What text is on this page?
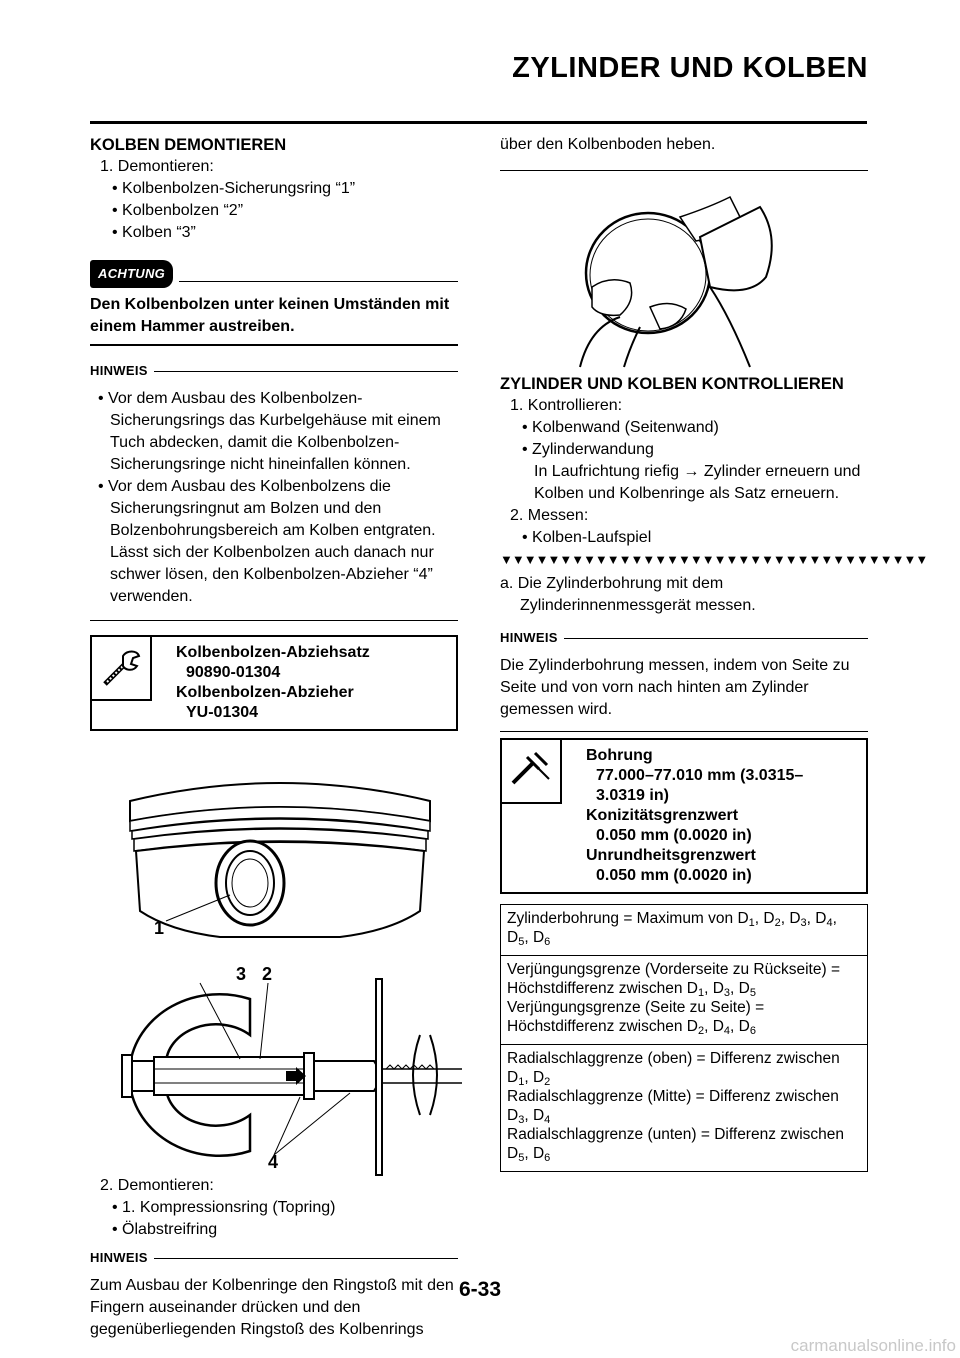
ZYLINDER UND KOLBEN
KOLBEN DEMONTIEREN
1. Demontieren:
• Kolbenbolzen-Sicherungsring “1”
• Kolbenbolzen “2”
• Kolben “3”
ACHTUNG
Den Kolbenbolzen unter keinen Umständen mit einem Hammer austreiben.
HINWEIS
• Vor dem Ausbau des Kolbenbolzen-Sicherungsrings das Kurbelgehäuse mit einem Tuch abdecken, damit die Kolbenbolzen-Sicherungsringe nicht hineinfallen können.
• Vor dem Ausbau des Kolbenbolzens die Sicherungsringnut am Bolzen und den Bolzenbohrungsbereich am Kolben entgraten. Lässt sich der Kolbenbolzen auch danach nur schwer lösen, den Kolbenbolzen-Abzieher “4” verwenden.
Kolbenbolzen-Abziehsatz
90890-01304
Kolbenbolzen-Abzieher
YU-01304
1
3 2
4
2. Demontieren:
• 1. Kompressionsring (Topring)
• Ölabstreifring
HINWEIS
Zum Ausbau der Kolbenringe den Ringstoß mit den Fingern auseinander drücken und den gegenüberliegenden Ringstoß des Kolbenrings
über den Kolbenboden heben.
ZYLINDER UND KOLBEN KONTROLLIEREN
1. Kontrollieren:
• Kolbenwand (Seitenwand)
• Zylinderwandung
In Laufrichtung riefig → Zylinder erneuern und Kolben und Kolbenringe als Satz erneuern.
2. Messen:
• Kolben-Laufspiel
▼▼▼▼▼▼▼▼▼▼▼▼▼▼▼▼▼▼▼▼▼▼▼▼▼▼▼▼▼▼▼▼▼▼▼▼
a. Die Zylinderbohrung mit dem Zylinderinnenmessgerät messen.
HINWEIS
Die Zylinderbohrung messen, indem von Seite zu Seite und von vorn nach hinten am Zylinder gemessen wird.
Bohrung
77.000–77.010 mm (3.0315–
3.0319 in)
Konizitätsgrenzwert
0.050 mm (0.0020 in)
Unrundheitsgrenzwert
0.050 mm (0.0020 in)
Zylinderbohrung = Maximum von $D_1$, $D_2$, $D_3$, $D_4$, $D_5$, $D_6$

Verjüngungsgrenze (Vorderseite zu Rückseite) = Höchstdifferenz zwischen $D_1$, $D_3$, $D_5$
Verjüngungsgrenze (Seite zu Seite) = Höchstdifferenz zwischen $D_2$, $D_4$, $D_6$

Radialschlaggrenze (oben) = Differenz zwischen $D_1$, $D_2$
Radialschlaggrenze (Mitte) = Differenz zwischen $D_3$, $D_4$
Radialschlaggrenze (unten) = Differenz zwischen $D_5$, $D_6$
6-33
carmanualsonline.info
